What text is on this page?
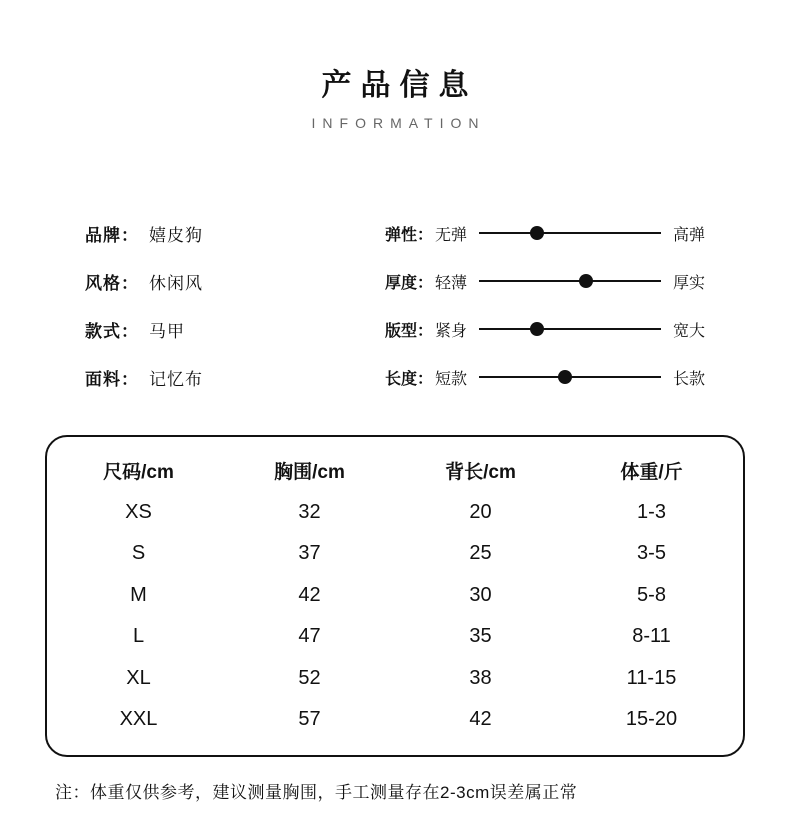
产品信息
INFORMATION
品牌： 嬉皮狗
风格： 休闲风
款式： 马甲
面料： 记忆布
弹性： 无弹	高弹
厚度： 轻薄	厚实
版型： 紧身	宽大
长度： 短款	长款
尺码/cm	胸围/cm	背长/cm	体重/斤
XS	32	20	1-3
S	37	25	3-5
M	42	30	5-8
L	47	35	8-11
XL	52	38	11-15
XXL	57	42	15-20
注：体重仅供参考，建议测量胸围，手工测量存在2-3cm误差属正常
